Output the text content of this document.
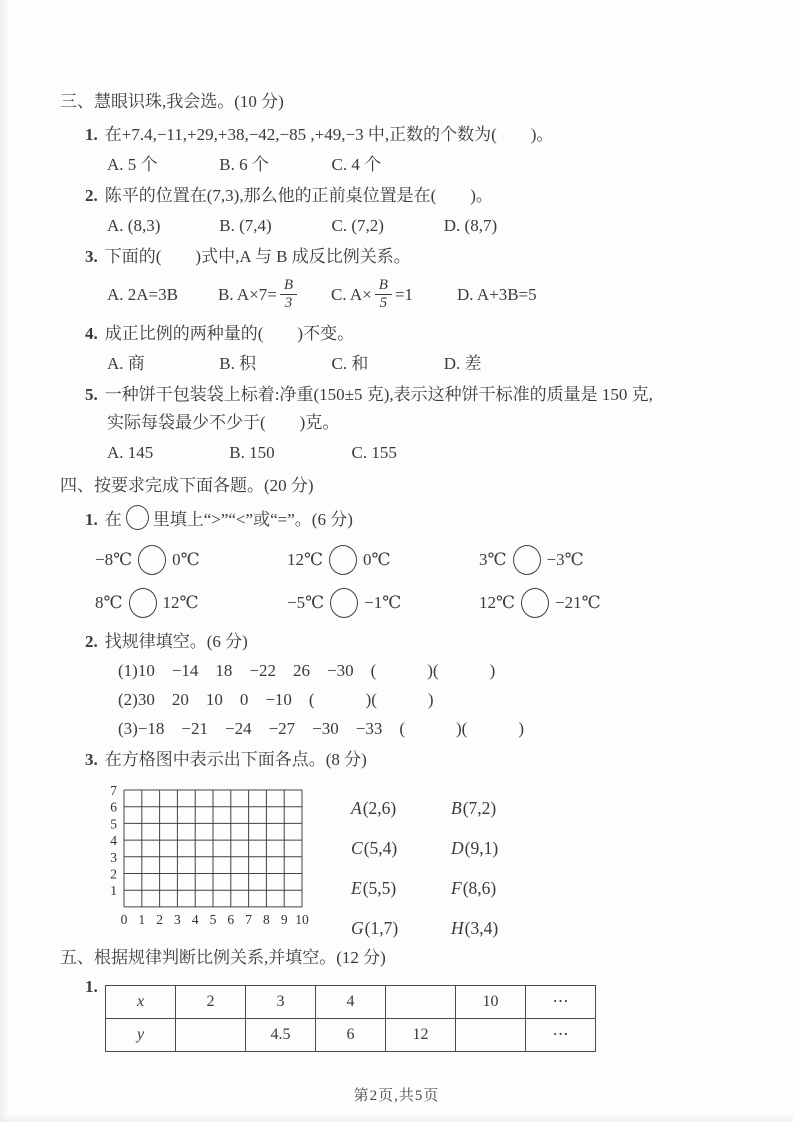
三、慧眼识珠,我会选。(10 分)
1. 在+7.4,−11,+29,+38,−42,−85 ,+49,−3 中,正数的个数为(　　)。
A. 5 个	B. 6 个	C. 4 个
2. 陈平的位置在(7,3),那么他的正前桌位置是在(　　)。
A. (8,3)	B. (7,4)	C. (7,2)	D. (8,7)
3. 下面的(　　)式中,A 与 B 成反比例关系。
A. 2A=3B	B. $A\times 7= \frac{B}{3} C$. $A\times \frac{B}{5} =1$	D. A+3B=5
4. 成正比例的两种量的(　　)不变。
A. 商	B. 积	C. 和	D. 差
5. 一种饼干包装袋上标着:净重(150±5 克),表示这种饼干标准的质量是 150 克,
实际每袋最少不少于(　　)克。
A. 145	B. 150	C. 155
四、按要求完成下面各题。(20 分)
1. 在 里填上“>”“<”或“=”。(6 分)
−8℃ 0℃	12℃ 0℃	3℃ −3℃
8℃ 12℃	−5℃ −1℃	12℃ −21℃
2. 找规律填空。(6 分)
(1)10　−14　18　−22　26　−30　(　　　)(　　　)
(2)30　20　10　0　−10　(　　　)(　　　)
(3)−18　−21　−24　−27　−30　−33　(　　　)(　　　)
3. 在方格图中表示出下面各点。(8 分)
0 1 2 3 4 5 6 7 8 9 10
7
6
5
4
3
2
1
A(2,6)	B(7,2)
C(5,4)	D(9,1)
E(5,5)	F(8,6)
G(1,7)	H(3,4)
五、根据规律判断比例关系,并填空。(12 分)
1.
x	2	3	4		10	⋯
y		4.5	6	12		⋯
第2页,共5页
